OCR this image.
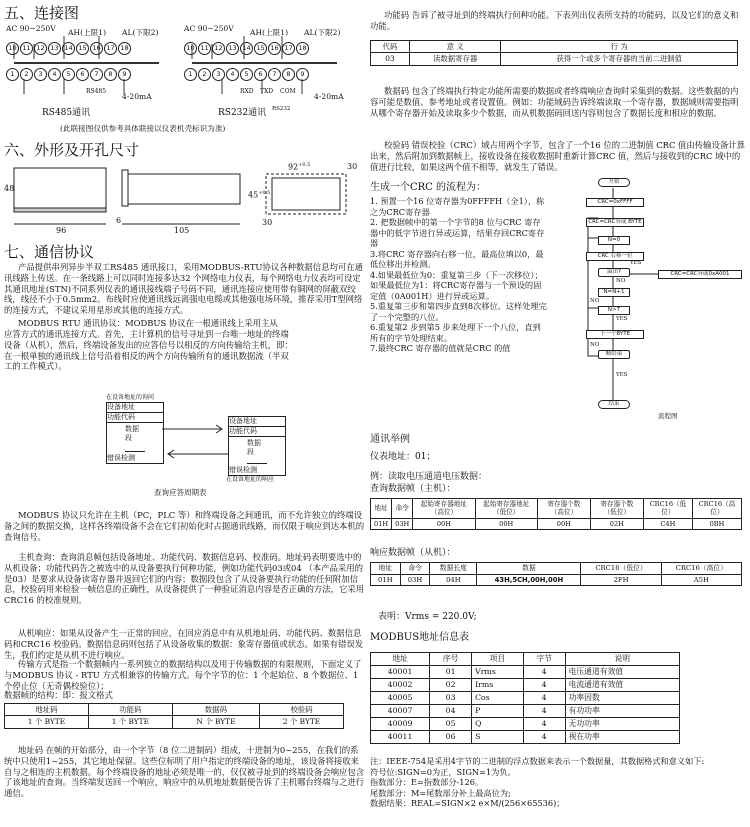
五、连接图
AC 90~250V AH(上限1) AL(下限2)
10 11 12 13 14 15 16 17 18
1 2 3 4 5 6 7 8 9
RS485
4-20mA
RS485通讯
AC 90~250V AH(上限1) AL(下限2)
10 11 12 13 14 15 16 17 18
1 2 3 4 5 6 7 8 9
RXD TXD COM
4-20mA
RS232通讯 RS232
(此联接图仅供参考具体联接以仪表机壳标识为准)
六、外形及开孔尺寸
48
96
6
105
$92^{+0.5}$
$45^{+0.5}$
30
30
七、通信协议

产品提供串列异步半双工RS485 通讯接口，采用MODBUS-RTU协议各种数据信息均可在通讯线路上传送。在一条线路上可以同时连接多达32 个网络电力仪表，每个网络电力仪表均可设定其通讯地址(STN)不同系列仪表的通讯接线端子号码不同，通讯连接应使用带有铜网的屏蔽双绞线，线径不小于0.5mm2。布线时应使通讯线远离强电电缆或其他强电场环境，推荐采用T型网络的连接方式，不建议采用星形或其他的连接方式。

MODBUS RTU 通讯协议：MODBUS 协议在一根通讯线上采用主从

应答方式的通讯连接方式。首先，主计算机的信号寻址到一台唯一地址的终端设备（从机），然后，终端设备发出的应答信号以相反的方向传输给主机，即：在一根单独的通讯线上信号沿着相反的两个方向传输所有的通讯数据流（半双工的工作模式）。

在设备地址的询问
设备地址
功能代码
数据段
错误检测
设备地址
功能代码
数据段
错误检测
在设备地址的响应
查询应答周期表

MODBUS 协议只允许在主机（PC，PLC 等）和终端设备之间通讯，而不允许独立的终端设备之间的数据交换，这样各终端设备不会在它们初始化时占据通讯线路，而仅限于响应到达本机的查询信号。

主机查询：查询消息帧包括设备地址、功能代码、数据信息码、校准码。地址码表明要选中的从机设备；功能代码告之被选中的从设备要执行何种功能，例如功能代码03或04 （本产品采用的是03）是要求从设备读寄存器并返回它们的内容；数据段包含了从设备要执行功能的任何附加信息，校验码用来检验一帧信息的正确性，从设备提供了一种验证消息内容是否正确的方法，它采用CRC16 的校准规则。

从机响应：如果从设备产生一正常的回应，在回应消息中有从机地址码、功能代码、数据信息码和CRC16 校验码。数据信息码则包括了从设备收集的数据：象寄存器值或状态。如果有错误发生，我们约定是从机不进行响应。

传输方式是指一个数据帧内一系列独立的数据结构以及用于传输数据的有限规则，下面定义了与MODBUS 协议 - RTU 方式相兼容的传输方式。每个字节的位：1 个起始位、8 个数据位、1个停止位（无奇偶校验位）；

数据帧的结构：即：报文格式

地址码	功能码	数据码	校验码
1 个 BYTE	1 个 BYTE	N 个 BYTE	2 个 BYTE

地址码 在帧的开始部分，由一个字节（8 位二进制码）组成，十进制为0~255，在我们的系统中只使用1~255，其它地址保留。这些位标明了用户指定的终端设备的地址，该设备将接收来自与之相连的主机数据。每个终端设备的地址必须是唯一的，仅仅被寻址到的终端设备会响应包含了该地址的查询。当终端发送回一个响应，响应中的从机地址数据便告诉了主机哪台终端与之进行通信。

功能码 告诉了被寻址到的终端执行何种功能。下表列出仪表所支持的功能码，以及它们的意义和功能。

代码	意 义	行 为
03	读数据寄存器	获得一个或多个寄存器的当前二进制值

数据码 包含了终端执行特定功能所需要的数据或者终端响应查询时采集到的数据。这些数据的内容可能是数值、参考地址或者设置值。例如：功能域码告诉终端读取一个寄存器，数据域则需要指明从哪个寄存器开始及读取多少个数据，而从机数据码回送内容则包含了数据长度和相应的数据。

校验码 错误校验（CRC）域占用两个字节，包含了一个16 位的二进制值 CRC 值由传输设备计算出来，然后附加到数据帧上，接收设备在接收数据时重新计算CRC 值，然后与接收到的CRC 域中的值进行比较，如果这两个值不相等，就发生了错误。

生成一个CRC 的流程为：
1. 预置一个16 位寄存器为0FFFFH（全1），称之为CRC寄存器
2. 把数据帧中的第一个字节的8 位与CRC 寄存器中的低字节进行异或运算，结果存回CRC寄存器
3.将CRC 寄存器向右移一位，最高位填以0，最低位移出并检测。
4.如果最低位为0：重复第三步（下一次移位）；如果最低位为1：将CRC寄存器与一个预设的固定值（0A001H）进行异或运算。
5.重复第三步和第四步直到8次移位。这样处理完了一个完整的八位。
6.重复第2 步到第5 步来处理下一个八位，直到所有的字节处理结束。
7.最终CRC 寄存器的值就是CRC 的值
开始
CRC=0xFFFF
CRC=CRC异或 BYTE
N=0
CRC 右移一位
溢出?
YES
CRC=CRC异或0xA001
NO
N=N+1
N>7
NO
YES
下一个BYTE
帧结束
NO
YES
结束
流程图
通讯举例
仪表地址：01；
例：读取电压通道电压数据：
查询数据帧（主机）：
地址	命令	起始寄存器地址（高位）	起始寄存器地址（低位）	寄存器个数（高位）	寄存器个数（低位）	CRC16（低位）	CRC16（高位）
01H	03H	00H	00H	00H	02H	C4H	0BH
响应数据帧（从机）：
地址	命令	数据长度	数据	CRC16（低位）	CRC16（高位）
01H	03H	04H	43H,5CH,00H,00H	2FH	A5H
表明：Vrms = 220.0V;
MODBUS地址信息表
地址	序号	项目	字节	说明
40001	01	Vrms	4	电压通道有效值
40002	02	Irms	4	电流通道有效值
40005	03	Cos	4	功率因数
40007	04	P	4	有功功率
40009	05	Q	4	无功功率
40011	06	S	4	视在功率
注：IEEE-754是采用4字节的二进制的浮点数据来表示一个数据量，其数据格式和意义如下:
符号位:SIGN=0为正，SIGN=1为负。
指数部分：E=指数部分-126。
尾数部分：M=尾数部分补上最高位为;
数据结果：REAL=SIGN×2 e×M/(256×65536)；
